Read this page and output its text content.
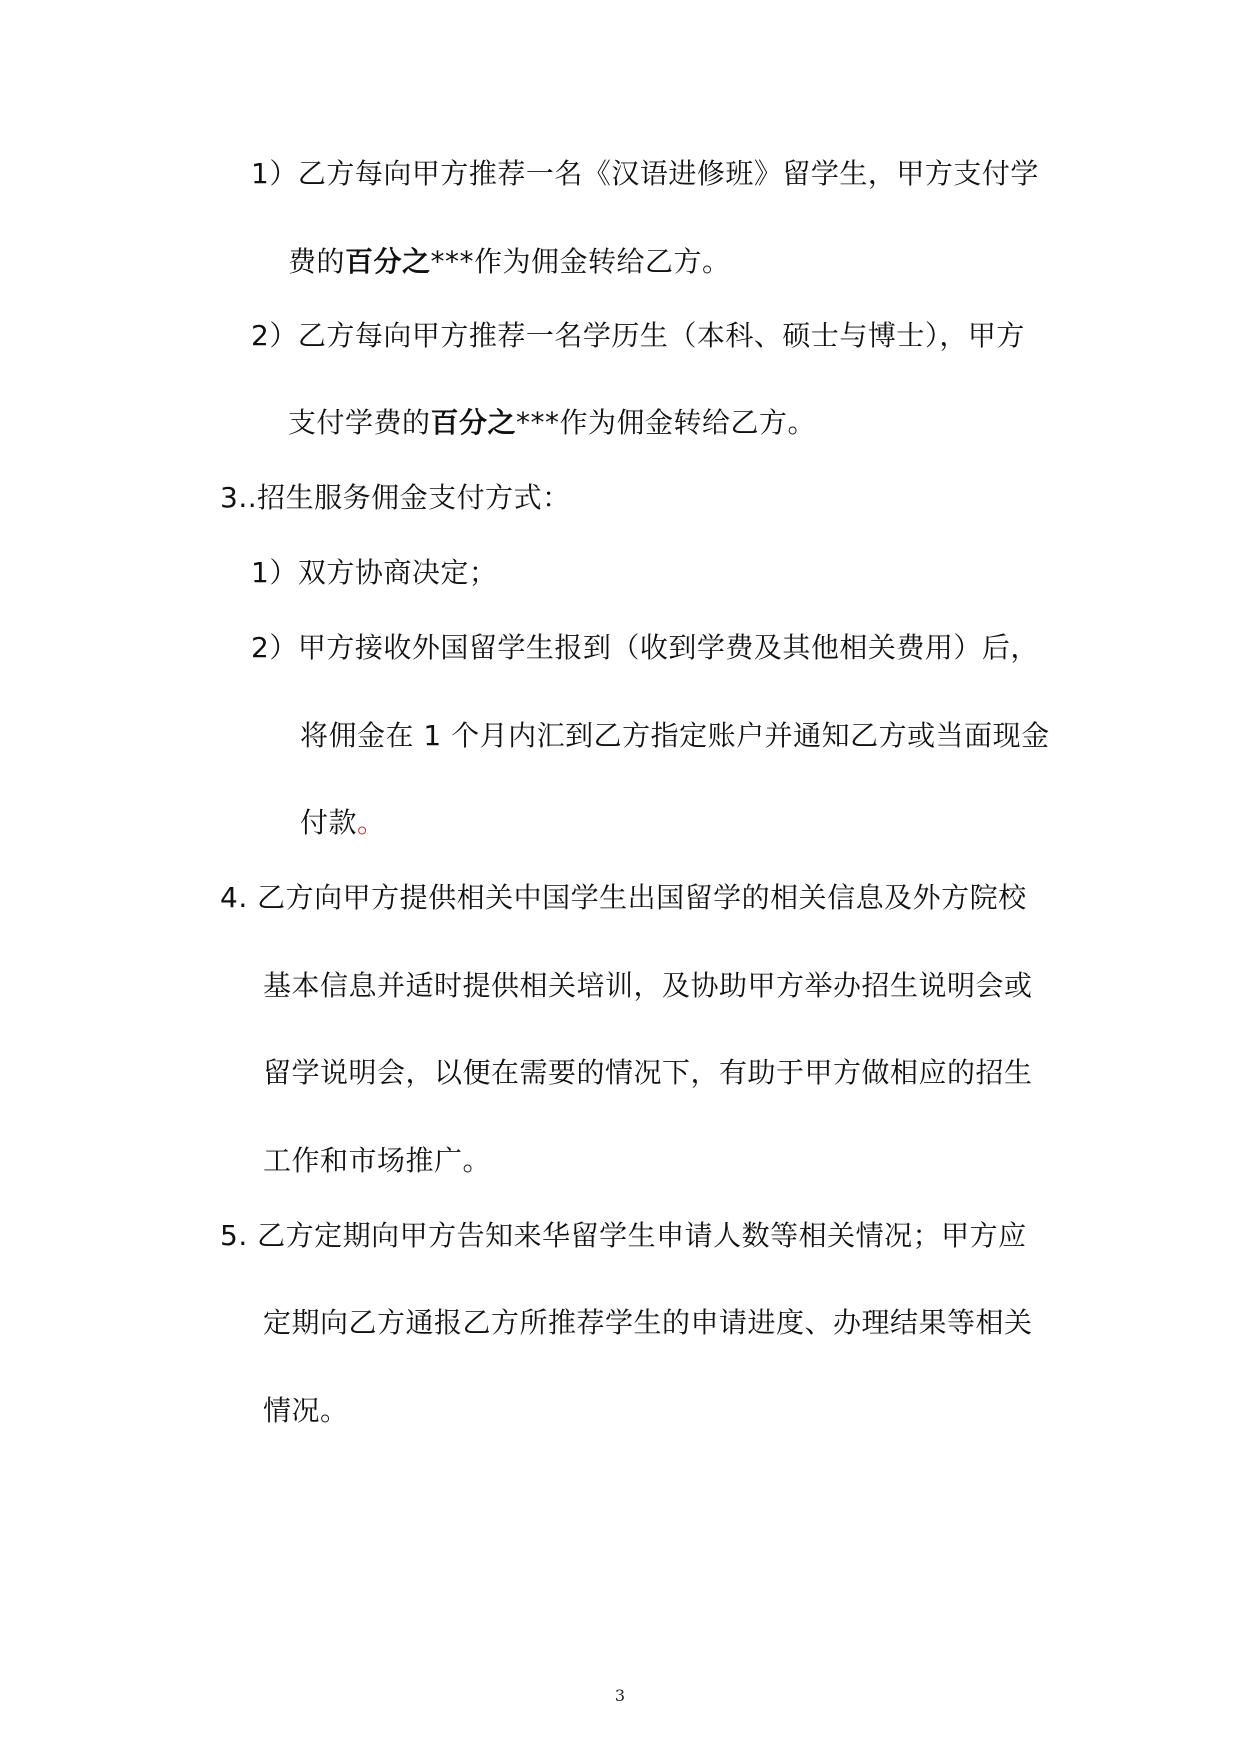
1）乙方每向甲方推荐一名《汉语进修班》留学生，甲方支付学
费的百分之***作为佣金转给乙方。
2）乙方每向甲方推荐一名学历生（本科、硕士与博士），甲方
支付学费的百分之***作为佣金转给乙方。
3..招生服务佣金支付方式：
1）双方协商决定；
2）甲方接收外国留学生报到（收到学费及其他相关费用）后，
将佣金在 1 个月内汇到乙方指定账户并通知乙方或当面现金
付款。
4. 乙方向甲方提供相关中国学生出国留学的相关信息及外方院校
基本信息并适时提供相关培训，及协助甲方举办招生说明会或
留学说明会，以便在需要的情况下，有助于甲方做相应的招生
工作和市场推广。
5. 乙方定期向甲方告知来华留学生申请人数等相关情况；甲方应
定期向乙方通报乙方所推荐学生的申请进度、办理结果等相关
情况。
3
